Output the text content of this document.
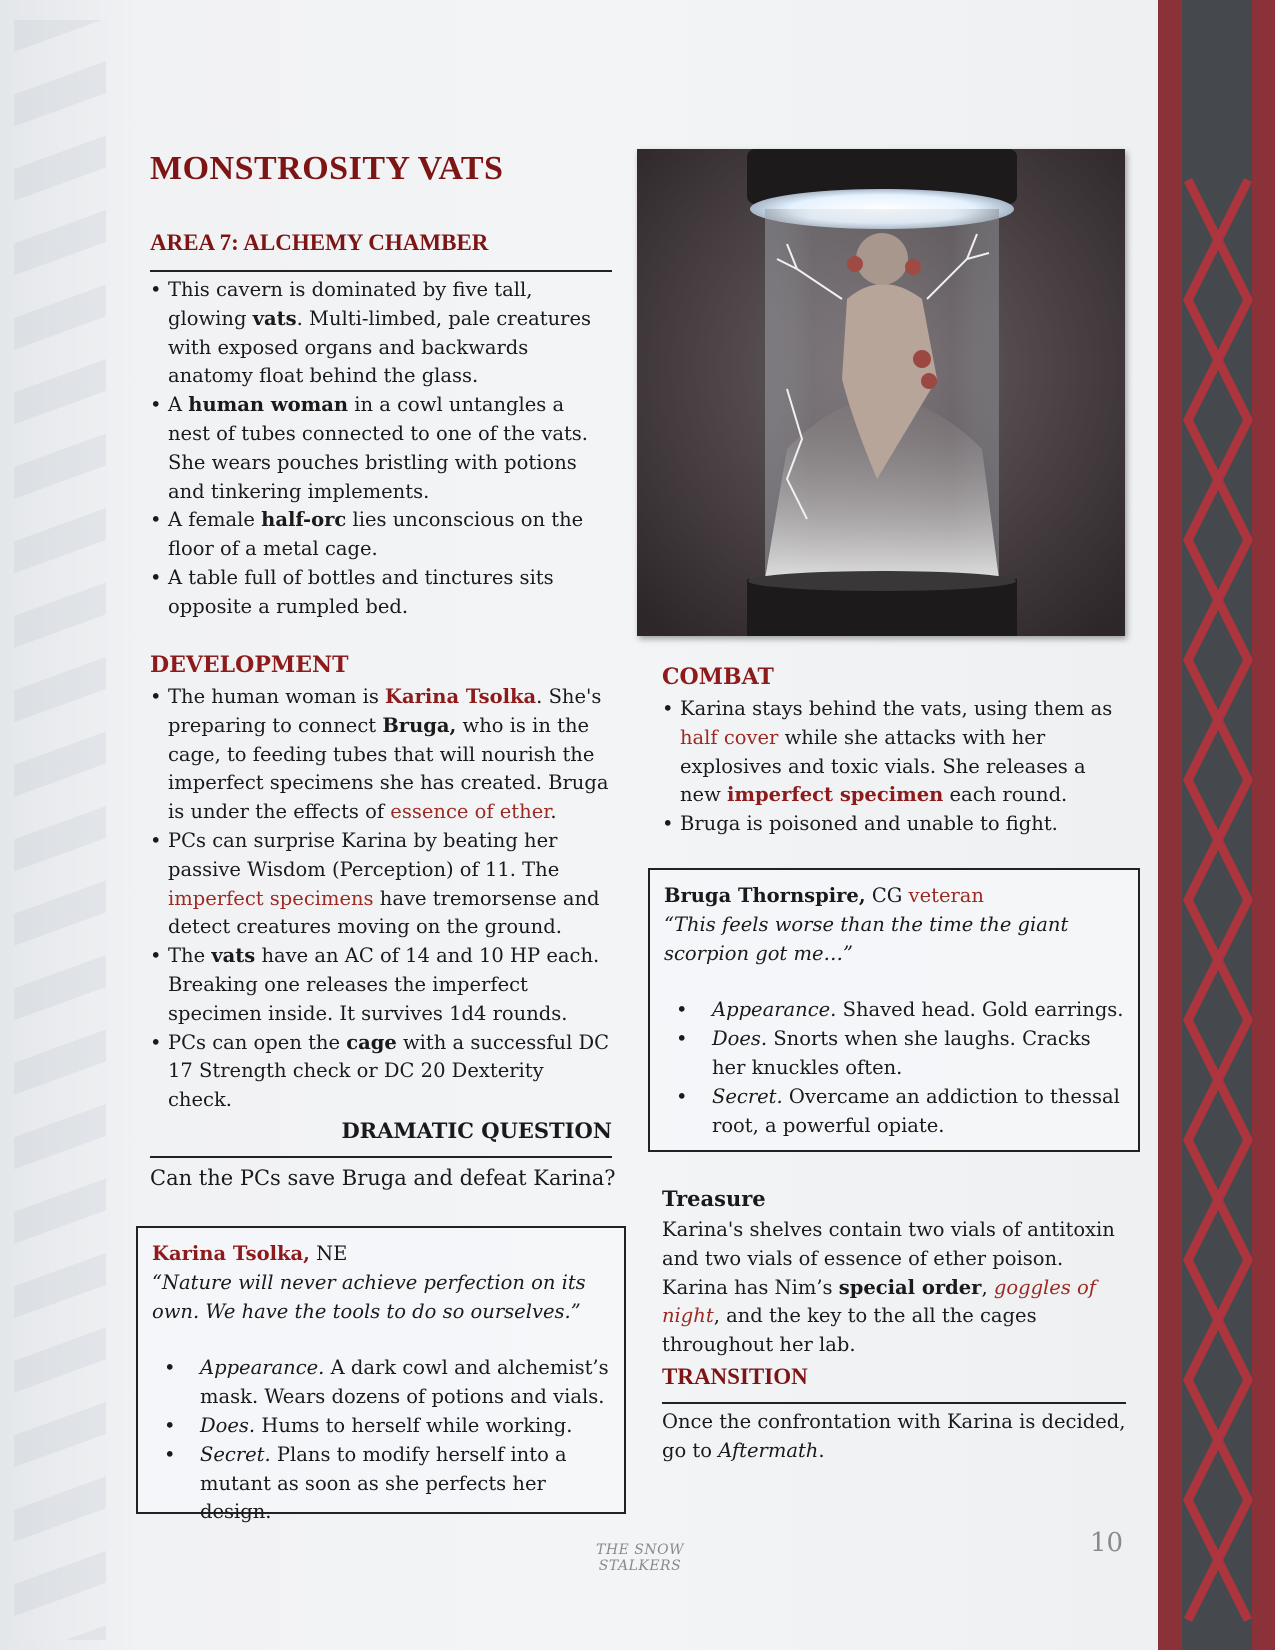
MONSTROSITY VATS
AREA 7: ALCHEMY CHAMBER
• This cavern is dominated by five tall, glowing vats. Multi-limbed, pale creatures with exposed organs and backwards anatomy float behind the glass.
• A human woman in a cowl untangles a nest of tubes connected to one of the vats. She wears pouches bristling with potions and tinkering implements.
• A female half-orc lies unconscious on the floor of a metal cage.
• A table full of bottles and tinctures sits opposite a rumpled bed.
DEVELOPMENT
• The human woman is Karina Tsolka. She's preparing to connect Bruga, who is in the cage, to feeding tubes that will nourish the imperfect specimens she has created. Bruga is under the effects of essence of ether.
• PCs can surprise Karina by beating her passive Wisdom (Perception) of 11. The imperfect specimens have tremorsense and detect creatures moving on the ground.
• The vats have an AC of 14 and 10 HP each. Breaking one releases the imperfect specimen inside. It survives 1d4 rounds.
• PCs can open the cage with a successful DC 17 Strength check or DC 20 Dexterity check.
DRAMATIC QUESTION

Can the PCs save Bruga and defeat Karina?

Karina Tsolka, NE

“Nature will never achieve perfection on its own. We have the tools to do so ourselves.”

• Appearance. A dark cowl and alchemist’s mask. Wears dozens of potions and vials.
• Does. Hums to herself while working.
• Secret. Plans to modify herself into a mutant as soon as she perfects her design.
COMBAT
• Karina stays behind the vats, using them as half cover while she attacks with her explosives and toxic vials. She releases a new imperfect specimen each round.
• Bruga is poisoned and unable to fight.

Bruga Thornspire, CG veteran

“This feels worse than the time the giant scorpion got me…”

• Appearance. Shaved head. Gold earrings.
• Does. Snorts when she laughs. Cracks her knuckles often.
• Secret. Overcame an addiction to thessal root, a powerful opiate.
Treasure

Karina's shelves contain two vials of antitoxin and two vials of essence of ether poison. Karina has Nim’s special order, goggles of night, and the key to the all the cages throughout her lab.

TRANSITION

Once the confrontation with Karina is decided, go to Aftermath.

THE SNOW STALKERS
10
